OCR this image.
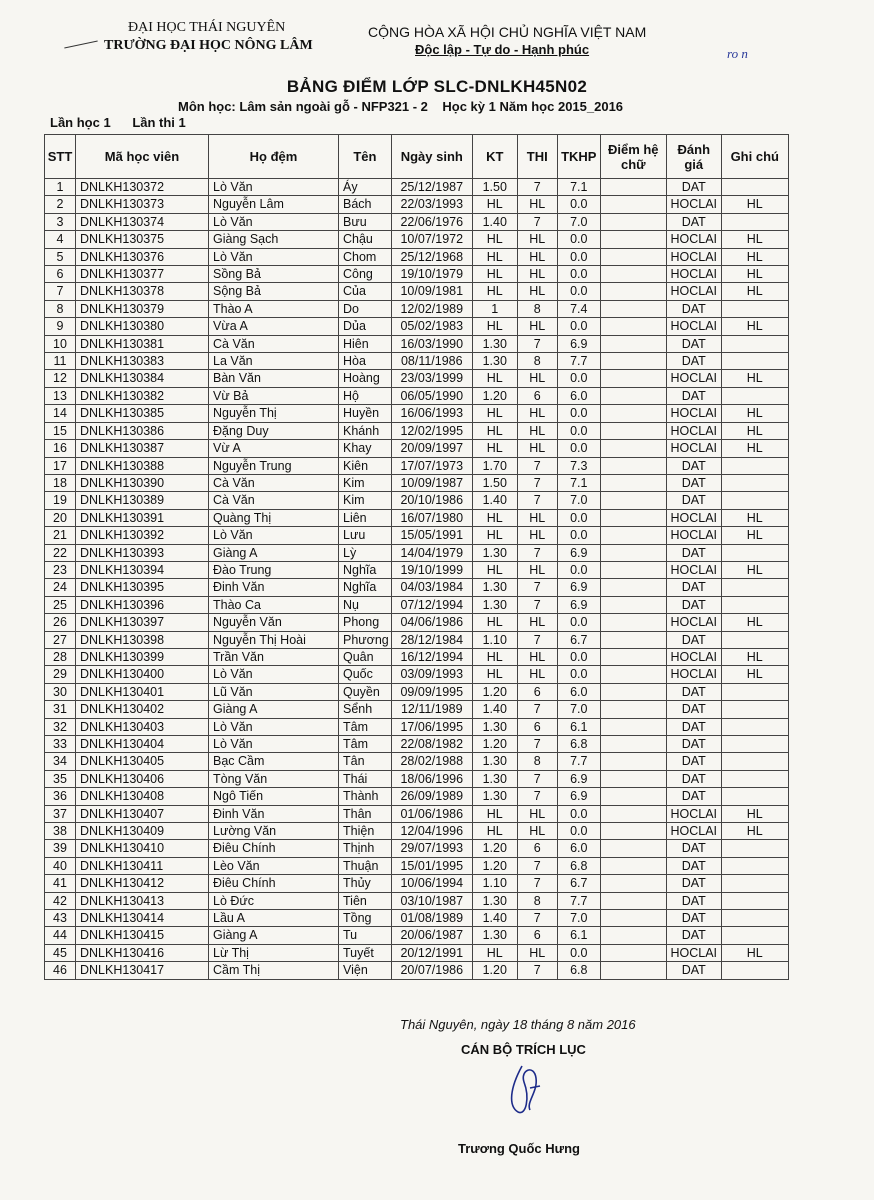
ĐẠI HỌC THÁI NGUYÊN
TRƯỜNG ĐẠI HỌC NÔNG LÂM
CỘNG HÒA XÃ HỘI CHỦ NGHĨA VIỆT NAM
Độc lập - Tự do - Hạnh phúc	ro n
BẢNG ĐIỂM LỚP SLC-DNLKH45N02
Môn học: Lâm sản ngoài gỗ - NFP321 - 2    Học kỳ 1 Năm học 2015_2016
Lần học 1 Lần thi 1
STT	Mã học viên	Họ đệm	Tên	Ngày sinh	KT	THI	TKHP	Điểm hệ chữ	Đánh giá	Ghi chú
1	DNLKH130372	Lò Văn	Áy	25/12/1987	1.50	7	7.1		DAT	
2	DNLKH130373	Nguyễn Lâm	Bách	22/03/1993	HL	HL	0.0		HOCLAI	HL
3	DNLKH130374	Lò Văn	Bưu	22/06/1976	1.40	7	7.0		DAT	
4	DNLKH130375	Giàng Sạch	Chậu	10/07/1972	HL	HL	0.0		HOCLAI	HL
5	DNLKH130376	Lò Văn	Chom	25/12/1968	HL	HL	0.0		HOCLAI	HL
6	DNLKH130377	Sồng Bả	Công	19/10/1979	HL	HL	0.0		HOCLAI	HL
7	DNLKH130378	Sộng Bả	Của	10/09/1981	HL	HL	0.0		HOCLAI	HL
8	DNLKH130379	Thào A	Do	12/02/1989	1	8	7.4		DAT	
9	DNLKH130380	Vừa A	Dủa	05/02/1983	HL	HL	0.0		HOCLAI	HL
10	DNLKH130381	Cà Văn	Hiên	16/03/1990	1.30	7	6.9		DAT	
11	DNLKH130383	La Văn	Hòa	08/11/1986	1.30	8	7.7		DAT	
12	DNLKH130384	Bàn Văn	Hoàng	23/03/1999	HL	HL	0.0		HOCLAI	HL
13	DNLKH130382	Vừ Bả	Hộ	06/05/1990	1.20	6	6.0		DAT	
14	DNLKH130385	Nguyễn Thị	Huyền	16/06/1993	HL	HL	0.0		HOCLAI	HL
15	DNLKH130386	Đặng Duy	Khánh	12/02/1995	HL	HL	0.0		HOCLAI	HL
16	DNLKH130387	Vừ A	Khay	20/09/1997	HL	HL	0.0		HOCLAI	HL
17	DNLKH130388	Nguyễn Trung	Kiên	17/07/1973	1.70	7	7.3		DAT	
18	DNLKH130390	Cà Văn	Kim	10/09/1987	1.50	7	7.1		DAT	
19	DNLKH130389	Cà Văn	Kim	20/10/1986	1.40	7	7.0		DAT	
20	DNLKH130391	Quàng Thị	Liên	16/07/1980	HL	HL	0.0		HOCLAI	HL
21	DNLKH130392	Lò Văn	Lưu	15/05/1991	HL	HL	0.0		HOCLAI	HL
22	DNLKH130393	Giàng A	Lỳ	14/04/1979	1.30	7	6.9		DAT	
23	DNLKH130394	Đào Trung	Nghĩa	19/10/1999	HL	HL	0.0		HOCLAI	HL
24	DNLKH130395	Đinh Văn	Nghĩa	04/03/1984	1.30	7	6.9		DAT	
25	DNLKH130396	Thào Ca	Nụ	07/12/1994	1.30	7	6.9		DAT	
26	DNLKH130397	Nguyễn Văn	Phong	04/06/1986	HL	HL	0.0		HOCLAI	HL
27	DNLKH130398	Nguyễn Thị Hoài	Phương	28/12/1984	1.10	7	6.7		DAT	
28	DNLKH130399	Trần Văn	Quân	16/12/1994	HL	HL	0.0		HOCLAI	HL
29	DNLKH130400	Lò Văn	Quốc	03/09/1993	HL	HL	0.0		HOCLAI	HL
30	DNLKH130401	Lũ Văn	Quyền	09/09/1995	1.20	6	6.0		DAT	
31	DNLKH130402	Giàng A	Sểnh	12/11/1989	1.40	7	7.0		DAT	
32	DNLKH130403	Lò Văn	Tâm	17/06/1995	1.30	6	6.1		DAT	
33	DNLKH130404	Lò Văn	Tâm	22/08/1982	1.20	7	6.8		DAT	
34	DNLKH130405	Bạc Cầm	Tân	28/02/1988	1.30	8	7.7		DAT	
35	DNLKH130406	Tòng Văn	Thái	18/06/1996	1.30	7	6.9		DAT	
36	DNLKH130408	Ngô Tiến	Thành	26/09/1989	1.30	7	6.9		DAT	
37	DNLKH130407	Đinh Văn	Thân	01/06/1986	HL	HL	0.0		HOCLAI	HL
38	DNLKH130409	Lường Văn	Thiện	12/04/1996	HL	HL	0.0		HOCLAI	HL
39	DNLKH130410	Điêu Chính	Thịnh	29/07/1993	1.20	6	6.0		DAT	
40	DNLKH130411	Lèo Văn	Thuận	15/01/1995	1.20	7	6.8		DAT	
41	DNLKH130412	Điêu Chính	Thủy	10/06/1994	1.10	7	6.7		DAT	
42	DNLKH130413	Lò Đức	Tiên	03/10/1987	1.30	8	7.7		DAT	
43	DNLKH130414	Lầu A	Tồng	01/08/1989	1.40	7	7.0		DAT	
44	DNLKH130415	Giàng A	Tu	20/06/1987	1.30	6	6.1		DAT	
45	DNLKH130416	Lừ Thị	Tuyết	20/12/1991	HL	HL	0.0		HOCLAI	HL
46	DNLKH130417	Cầm Thị	Viện	20/07/1986	1.20	7	6.8		DAT	
Thái Nguyên, ngày 18 tháng 8 năm 2016
CÁN BỘ TRÍCH LỤC
Trương Quốc Hưng
